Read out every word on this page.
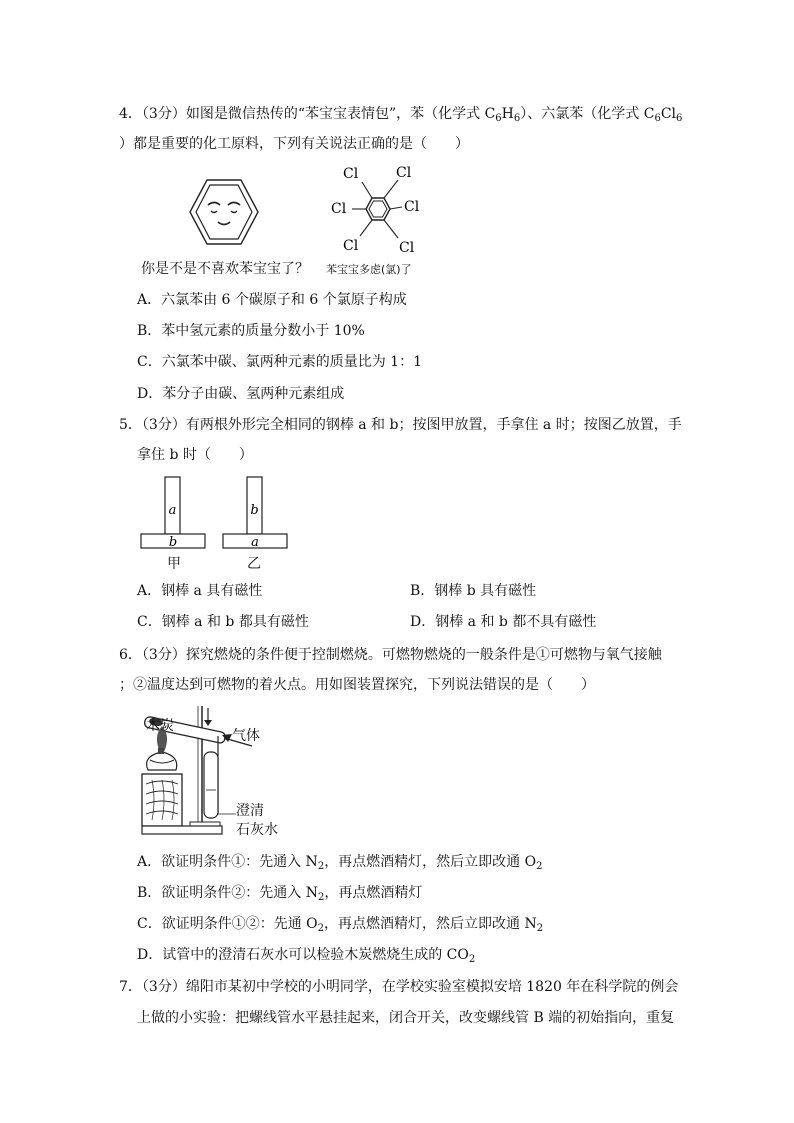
4．（3分）如图是微信热传的“苯宝宝表情包”，苯（化学式 $C_6H_6$）、六氯苯（化学式 $C_6Cl_6$
）都是重要的化工原料，下列有关说法正确的是（　　）
Cl	Cl
Cl	Cl
Cl	Cl
你是不是不喜欢苯宝宝了？ 苯宝宝多虑(氯)了
A．六氯苯由 6 个碳原子和 6 个氯原子构成
B．苯中氢元素的质量分数小于 10%
C．六氯苯中碳、氯两种元素的质量比为 1：1
D．苯分子由碳、氢两种元素组成
5．（3分）有两根外形完全相同的钢棒 a 和 b；按图甲放置，手拿住 a 时；按图乙放置，手
拿住 b 时（　　）
a
b
甲
b
a
乙
A．钢棒 a 具有磁性	B．钢棒 b 具有磁性
C．钢棒 a 和 b 都具有磁性	D．钢棒 a 和 b 都不具有磁性
6．（3分）探究燃烧的条件便于控制燃烧。可燃物燃烧的一般条件是①可燃物与氧气接触
；②温度达到可燃物的着火点。用如图装置探究，下列说法错误的是（　　）
木炭
气体
澄清
石灰水
A．欲证明条件①：先通入 $N_2$，再点燃酒精灯，然后立即改通 $O_2$
B．欲证明条件②：先通入 $N_2$，再点燃酒精灯
C．欲证明条件①②：先通 $O_2$，再点燃酒精灯，然后立即改通 $N_2$
D．试管中的澄清石灰水可以检验木炭燃烧生成的 $CO_2$
7．（3分）绵阳市某初中学校的小明同学，在学校实验室模拟安培 1820 年在科学院的例会
上做的小实验：把螺线管水平悬挂起来，闭合开关，改变螺线管 B 端的初始指向，重复
